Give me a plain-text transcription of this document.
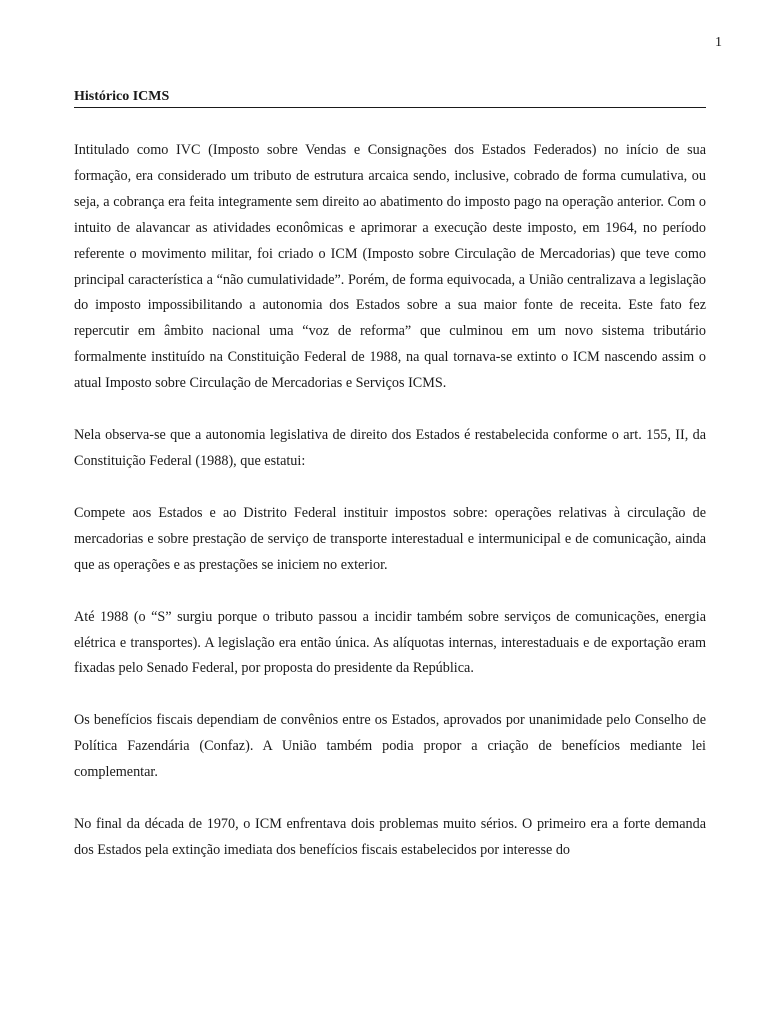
1
Histórico ICMS

Intitulado como IVC (Imposto sobre Vendas e Consignações dos Estados Federados) no início de sua formação, era considerado um tributo de estrutura arcaica sendo, inclusive, cobrado de forma cumulativa, ou seja, a cobrança era feita integramente sem direito ao abatimento do imposto pago na operação anterior. Com o intuito de alavancar as atividades econômicas e aprimorar a execução deste imposto, em 1964, no período referente o movimento militar, foi criado o ICM (Imposto sobre Circulação de Mercadorias) que teve como principal característica a “não cumulatividade”. Porém, de forma equivocada, a União centralizava a legislação do imposto impossibilitando a autonomia dos Estados sobre a sua maior fonte de receita. Este fato fez repercutir em âmbito nacional uma “voz de reforma” que culminou em um novo sistema tributário formalmente instituído na Constituição Federal de 1988, na qual tornava-se extinto o ICM nascendo assim o atual Imposto sobre Circulação de Mercadorias e Serviços ICMS.

Nela observa-se que a autonomia legislativa de direito dos Estados é restabelecida conforme o art. 155, II, da Constituição Federal (1988), que estatui:

Compete aos Estados e ao Distrito Federal instituir impostos sobre: operações relativas à circulação de mercadorias e sobre prestação de serviço de transporte interestadual e intermunicipal e de comunicação, ainda que as operações e as prestações se iniciem no exterior.

Até 1988 (o “S” surgiu porque o tributo passou a incidir também sobre serviços de comunicações, energia elétrica e transportes). A legislação era então única. As alíquotas internas, interestaduais e de exportação eram fixadas pelo Senado Federal, por proposta do presidente da República.

Os benefícios fiscais dependiam de convênios entre os Estados, aprovados por unanimidade pelo Conselho de Política Fazendária (Confaz). A União também podia propor a criação de benefícios mediante lei complementar.

No final da década de 1970, o ICM enfrentava dois problemas muito sérios. O primeiro era a forte demanda dos Estados pela extinção imediata dos benefícios fiscais estabelecidos por interesse do
